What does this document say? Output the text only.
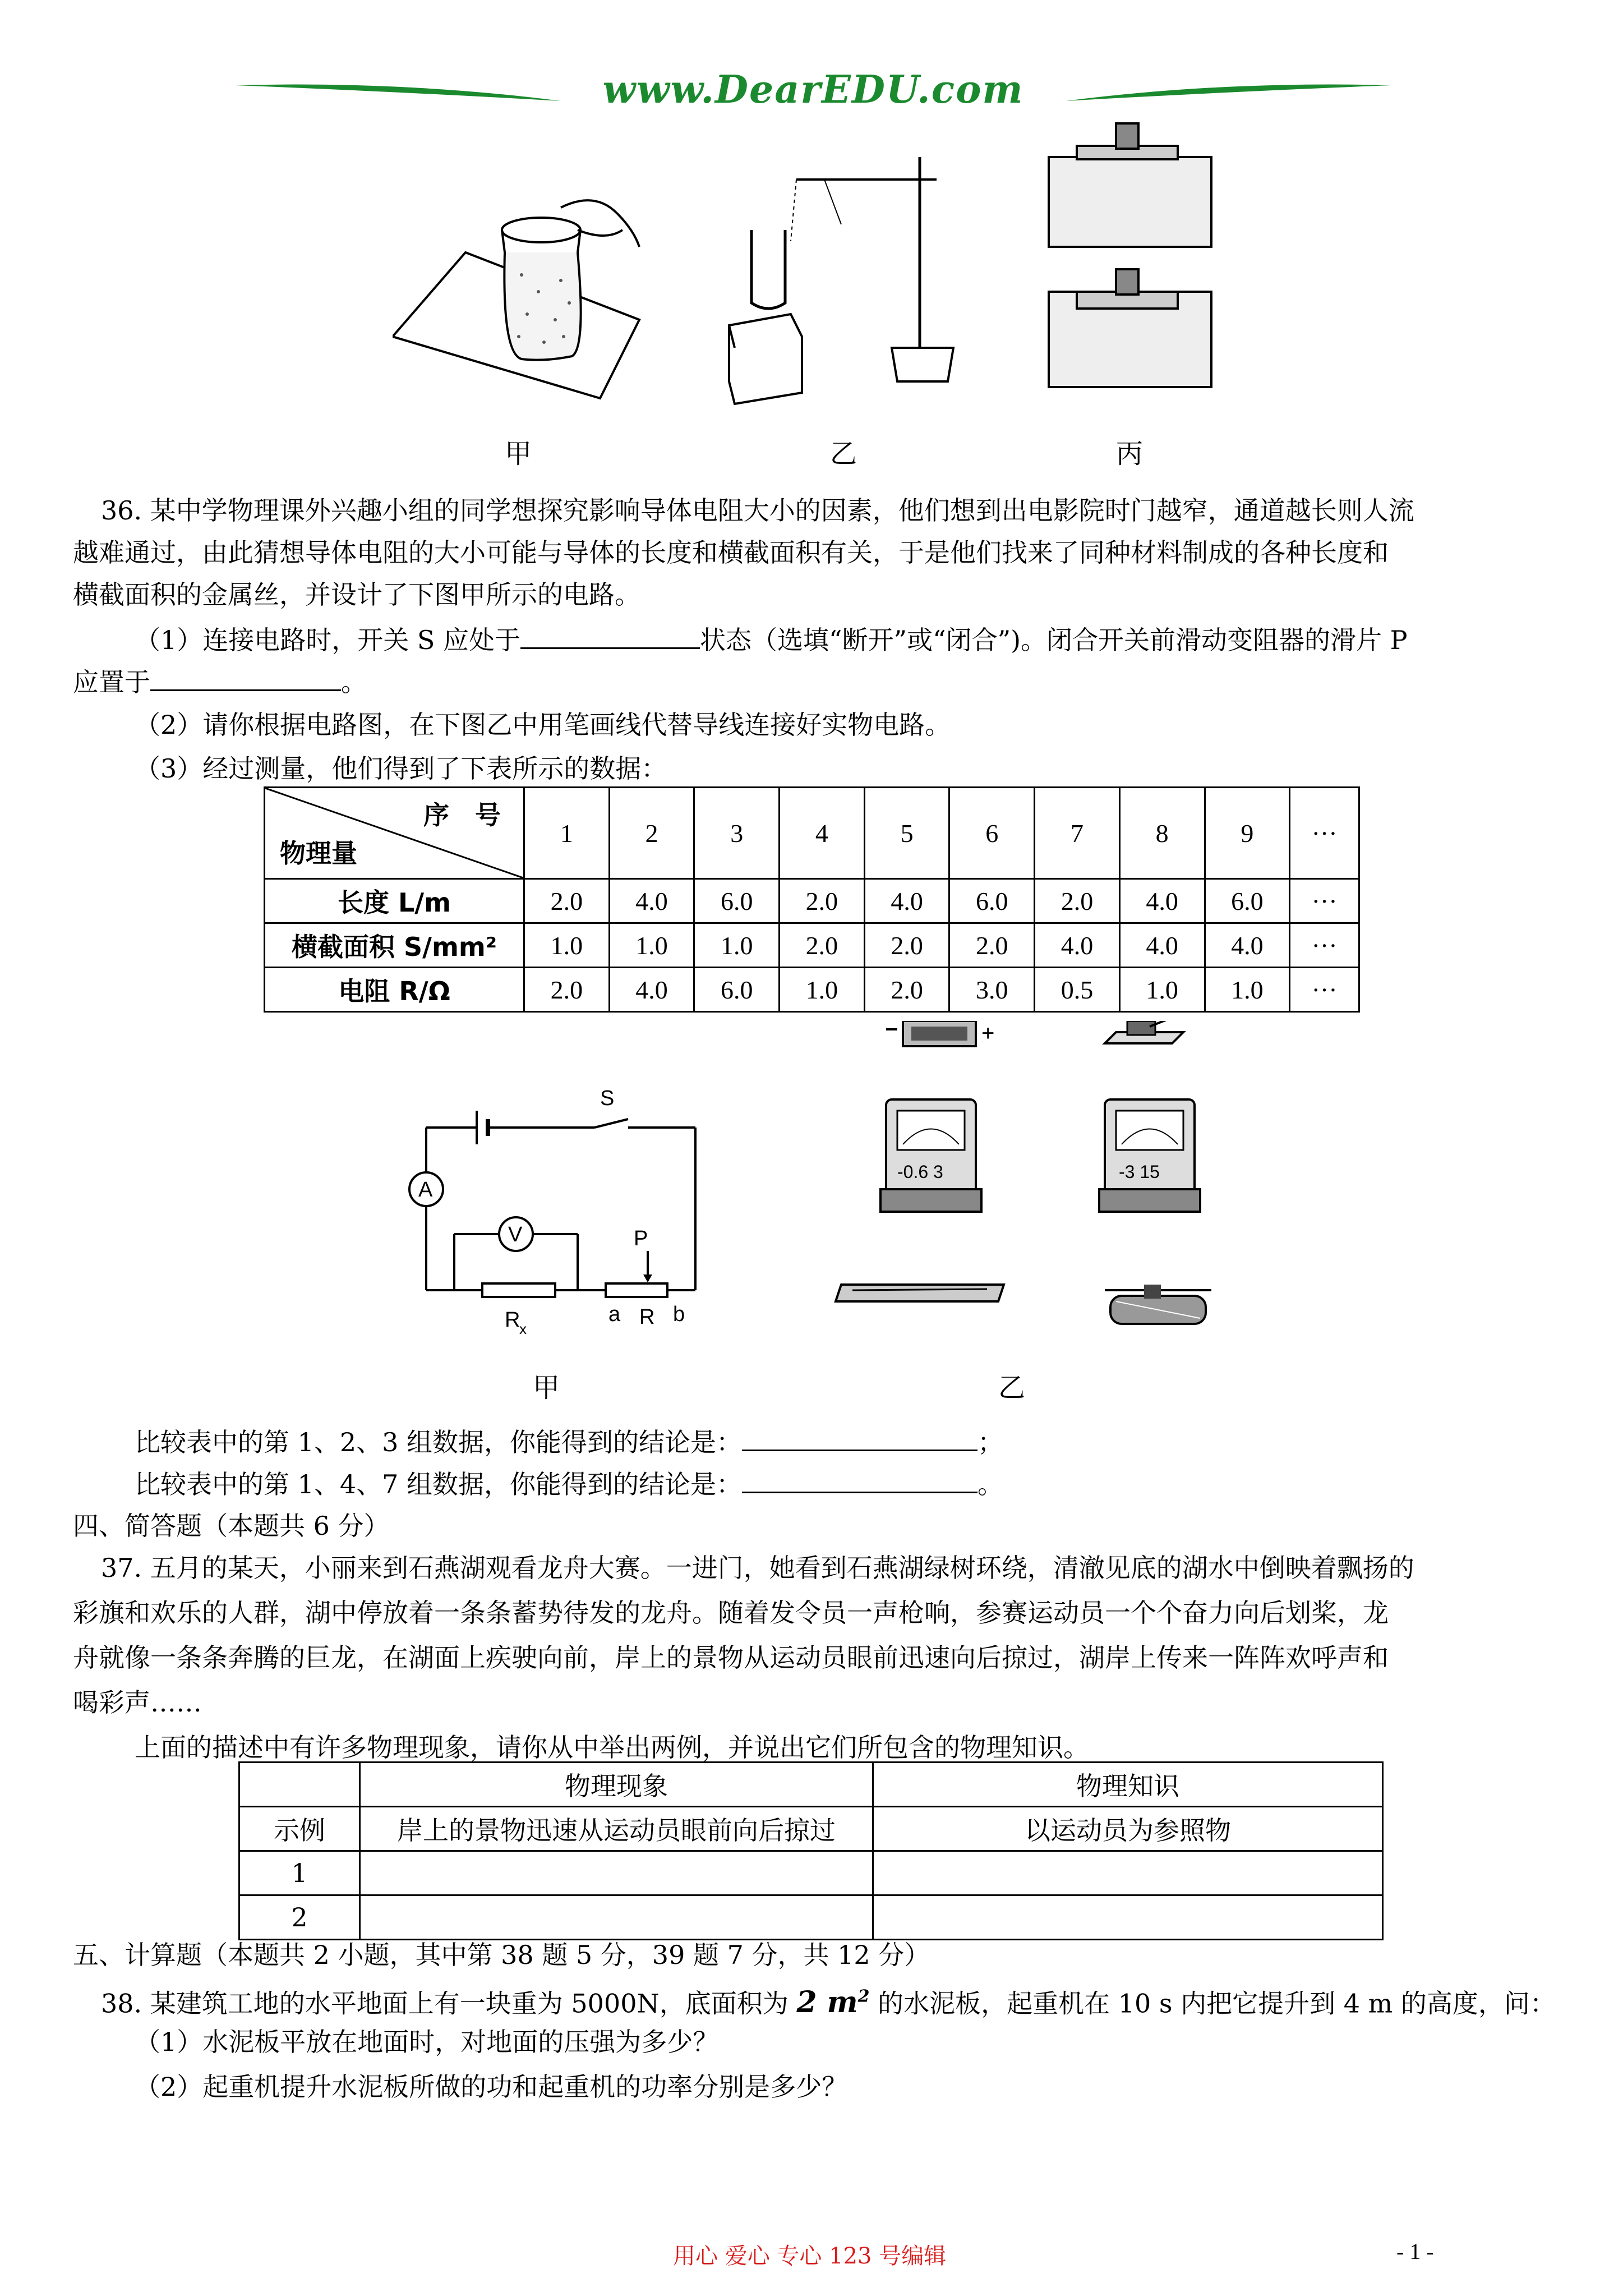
www.DearEDU.com
甲	乙	丙
36. 某中学物理课外兴趣小组的同学想探究影响导体电阻大小的因素，他们想到出电影院时门越窄，通道越长则人流
越难通过，由此猜想导体电阻的大小可能与导体的长度和横截面积有关，于是他们找来了同种材料制成的各种长度和
横截面积的金属丝，并设计了下图甲所示的电路。
（1）连接电路时，开关 S 应处于	状态（选填“断开”或“闭合”)。闭合开关前滑动变阻器的滑片 P
应置于	。
（2）请你根据电路图，在下图乙中用笔画线代替导线连接好实物电路。
（3）经过测量，他们得到了下表所示的数据：
序　号
物理量	1	2	3	4	5	6	7	8	9	···
长度 L/m	2.0	4.0	6.0	2.0	4.0	6.0	2.0	4.0	6.0	···
横截面积 S/mm²	1.0	1.0	1.0	2.0	2.0	2.0	4.0	4.0	4.0	···
电阻 R/Ω	2.0	4.0	6.0	1.0	2.0	3.0	0.5	1.0	1.0	···
S
A
V	P
R
x
a R b
+
-0.6 3	-3 15
甲	乙
比较表中的第 1、2、3 组数据，你能得到的结论是：	；
比较表中的第 1、4、7 组数据，你能得到的结论是：	。
四、简答题（本题共 6 分）
37. 五月的某天，小丽来到石燕湖观看龙舟大赛。一进门，她看到石燕湖绿树环绕，清澈见底的湖水中倒映着飘扬的
彩旗和欢乐的人群，湖中停放着一条条蓄势待发的龙舟。随着发令员一声枪响，参赛运动员一个个奋力向后划桨，龙
舟就像一条条奔腾的巨龙，在湖面上疾驶向前，岸上的景物从运动员眼前迅速向后掠过，湖岸上传来一阵阵欢呼声和
喝彩声……
上面的描述中有许多物理现象，请你从中举出两例，并说出它们所包含的物理知识。
	物理现象	物理知识
示例	岸上的景物迅速从运动员眼前向后掠过	以运动员为参照物
1		
2		
五、计算题（本题共 2 小题，其中第 38 题 5 分，39 题 7 分，共 12 分）
38. 某建筑工地的水平地面上有一块重为 5000N，底面积为 2 $m^2$ 的水泥板，起重机在 10 s 内把它提升到 4 m 的高度，问：
（1）水泥板平放在地面时，对地面的压强为多少？
（2）起重机提升水泥板所做的功和起重机的功率分别是多少？
用心 爱心 专心 123 号编辑	- 1 -
